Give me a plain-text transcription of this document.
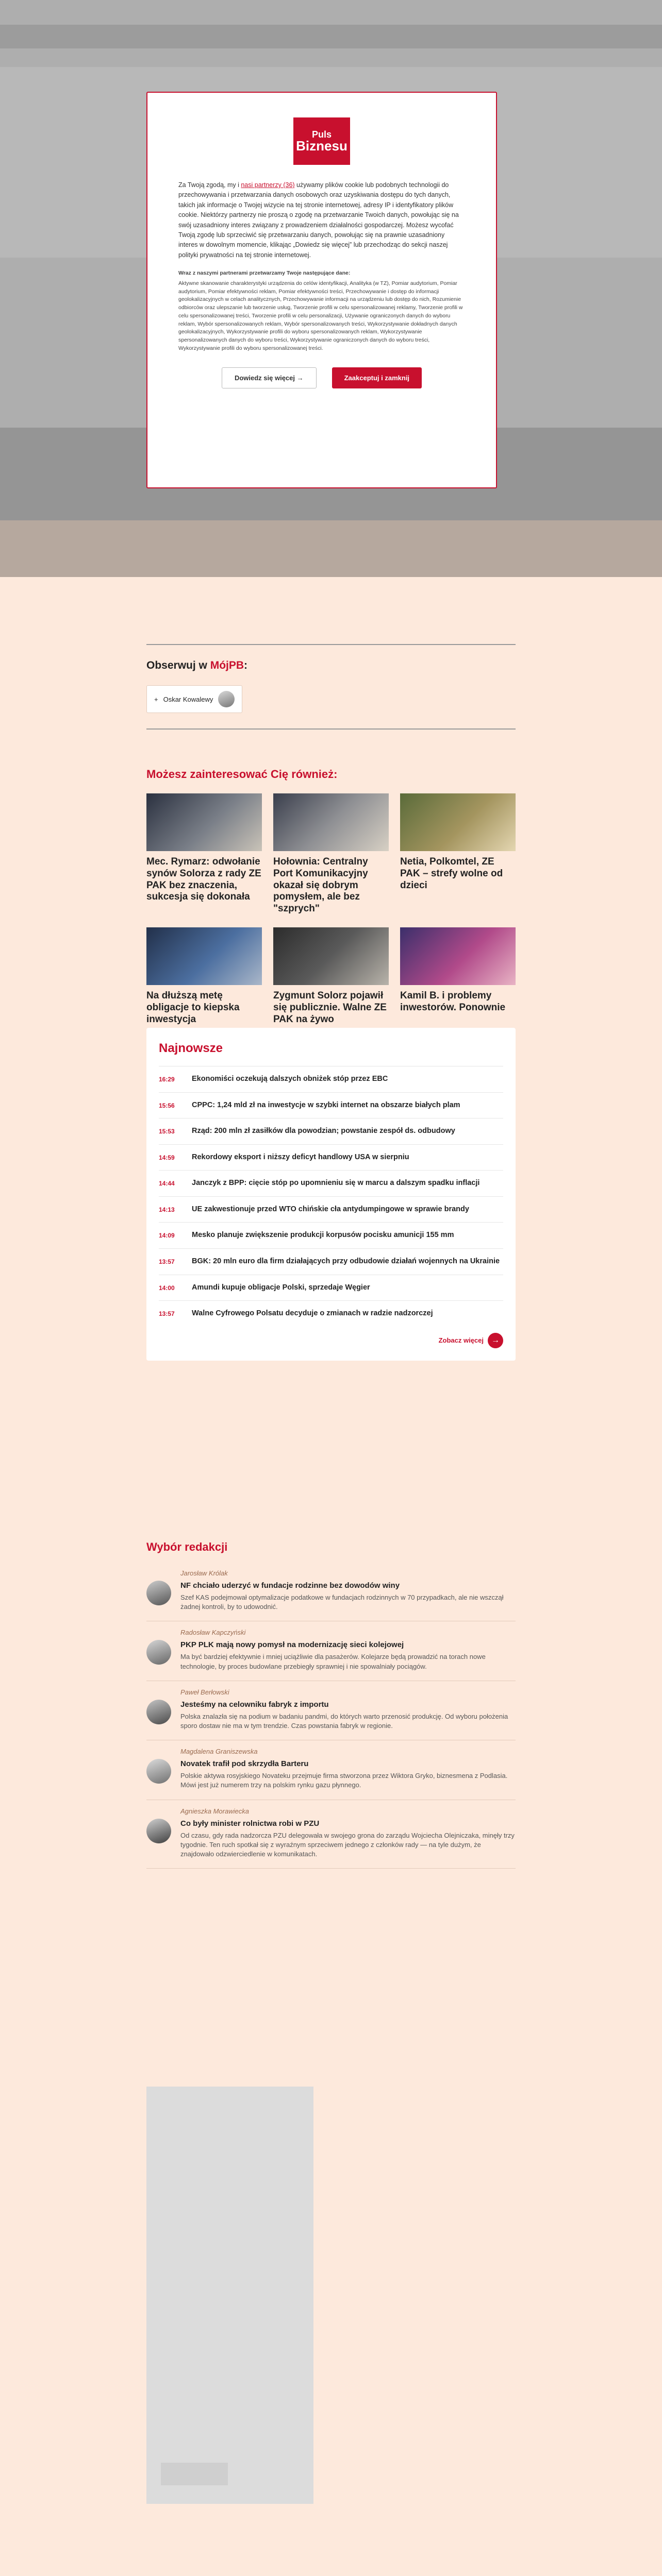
Puls
Biznesu

Za Twoją zgodą, my i nasi partnerzy (36) używamy plików cookie lub podobnych technologii do przechowywania i przetwarzania danych osobowych oraz uzyskiwania dostępu do tych danych, takich jak informacje o Twojej wizycie na tej stronie internetowej, adresy IP i identyfikatory plików cookie. Niektórzy partnerzy nie proszą o zgodę na przetwarzanie Twoich danych, powołując się na swój uzasadniony interes związany z prowadzeniem działalności gospodarczej. Możesz wycofać Twoją zgodę lub sprzeciwić się przetwarzaniu danych, powołując się na prawnie uzasadniony interes w dowolnym momencie, klikając „Dowiedz się więcej” lub przechodząc do sekcji naszej polityki prywatności na tej stronie internetowej.

Wraz z naszymi partnerami przetwarzamy Twoje następujące dane:
Aktywne skanowanie charakterystyki urządzenia do celów identyfikacji, Analityka (w TZ), Pomiar audytorium, Pomiar audytorium, Pomiar efektywności reklam, Pomiar efektywności treści, Przechowywanie i dostęp do informacji geolokalizacyjnych w celach analitycznych, Przechowywanie informacji na urządzeniu lub dostęp do nich, Rozumienie odbiorców oraz ulepszanie lub tworzenie usług, Tworzenie profili w celu spersonalizowanej reklamy, Tworzenie profili w celu spersonalizowanej treści, Tworzenie profili w celu personalizacji, Używanie ograniczonych danych do wyboru reklam, Wybór spersonalizowanych reklam, Wybór spersonalizowanych treści, Wykorzystywanie dokładnych danych geolokalizacyjnych, Wykorzystywanie profili do wyboru spersonalizowanych reklam, Wykorzystywanie spersonalizowanych danych do wyboru treści, Wykorzystywanie ograniczonych danych do wyboru treści, Wykorzystywanie profili do wyboru spersonalizowanej treści.
Dowiedz się więcej →	Zaakceptuj i zamknij
Obserwuj w MójPB:
+ Oskar Kowalewy
Możesz zainteresować Cię również:
Mec. Rymarz: odwołanie synów Solorza z rady ZE PAK bez znaczenia, sukcesja się dokonała
Hołownia: Centralny Port Komunikacyjny okazał się dobrym pomysłem, ale bez "szprych"
Netia, Polkomtel, ZE PAK – strefy wolne od dzieci
Na dłuższą metę obligacje to kiepska inwestycja
Zygmunt Solorz pojawił się publicznie. Walne ZE PAK na żywo
Kamil B. i problemy inwestorów. Ponownie
Najnowsze
16:29	Ekonomiści oczekują dalszych obniżek stóp przez EBC
15:56	CPPC: 1,24 mld zł na inwestycje w szybki internet na obszarze białych plam
15:53	Rząd: 200 mln zł zasiłków dla powodzian; powstanie zespół ds. odbudowy
14:59	Rekordowy eksport i niższy deficyt handlowy USA w sierpniu
14:44	Janczyk z BPP: cięcie stóp po upomnieniu się w marcu a dalszym spadku inflacji
14:13	UE zakwestionuje przed WTO chińskie cła antydumpingowe w sprawie brandy
14:09	Mesko planuje zwiększenie produkcji korpusów pocisku amunicji 155 mm
13:57	BGK: 20 mln euro dla firm działających przy odbudowie działań wojennych na Ukrainie
14:00	Amundi kupuje obligacje Polski, sprzedaje Węgier
13:57	Walne Cyfrowego Polsatu decyduje o zmianach w radzie nadzorczej
Zobacz więcej →
Wybór redakcji
Jarosław Królak
NF chciało uderzyć w fundacje rodzinne bez dowodów winy
Szef KAS podejmował optymalizacje podatkowe w fundacjach rodzinnych w 70 przypadkach, ale nie wszczął żadnej kontroli, by to udowodnić.
Radosław Kapczyński
PKP PLK mają nowy pomysł na modernizację sieci kolejowej
Ma być bardziej efektywnie i mniej uciążliwie dla pasażerów. Kolejarze będą prowadzić na torach nowe technologie, by proces budowlane przebiegły sprawniej i nie spowalniały pociągów.
Paweł Berłowski
Jesteśmy na celowniku fabryk z importu
Polska znalazła się na podium w badaniu pandmi, do których warto przenosić produkcję. Od wyboru położenia sporo dostaw nie ma w tym trendzie. Czas powstania fabryk w regionie.
Magdalena Graniszewska
Novatek trafił pod skrzydła Barteru
Polskie aktywa rosyjskiego Novateku przejmuje firma stworzona przez Wiktora Gryko, biznesmena z Podlasia. Mówi jest już numerem trzy na polskim rynku gazu płynnego.
Agnieszka Morawiecka
Co były minister rolnictwa robi w PZU
Od czasu, gdy rada nadzorcza PZU delegowała w swojego grona do zarządu Wojciecha Olejniczaka, minęły trzy tygodnie. Ten ruch spotkał się z wyraźnym sprzeciwem jednego z członków rady — na tyle dużym, że znajdowało odzwierciedlenie w komunikatach.
